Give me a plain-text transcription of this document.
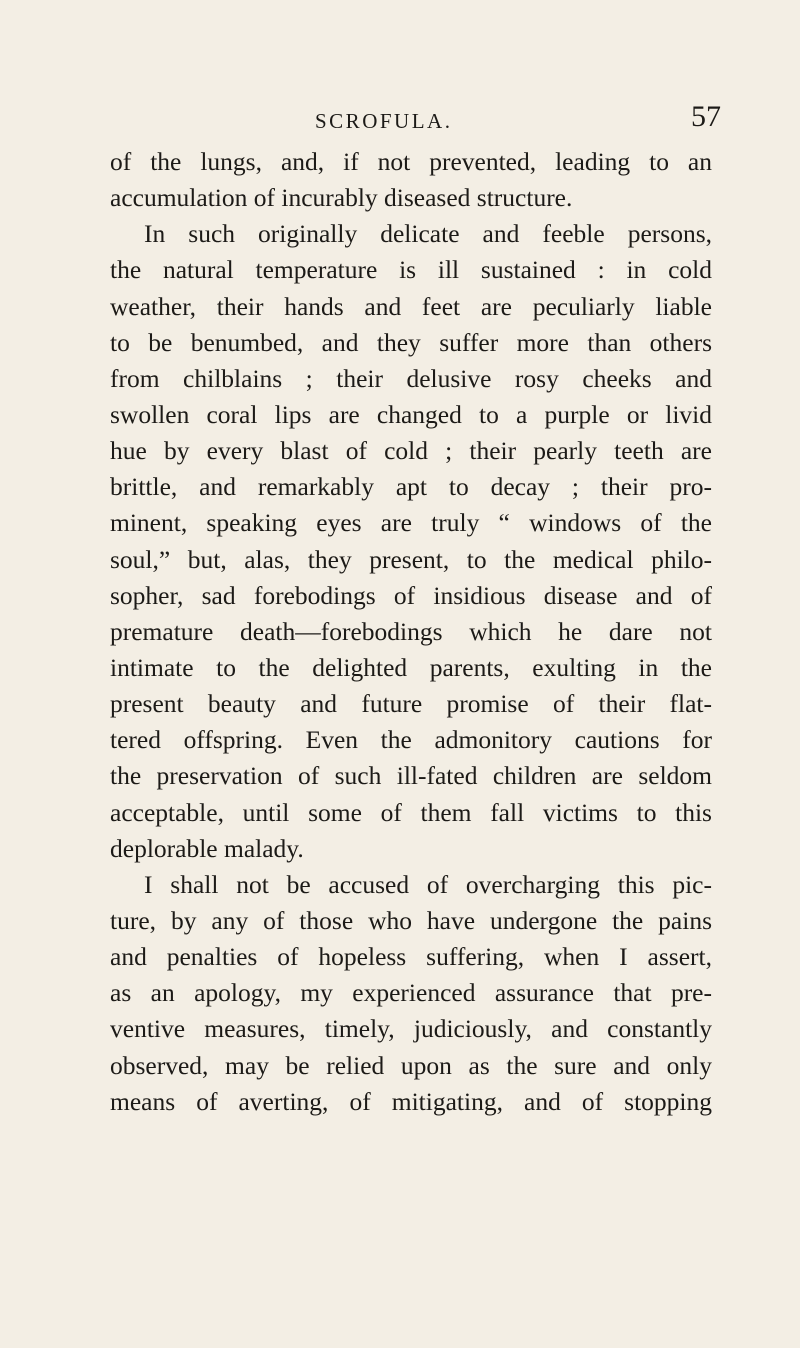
SCROFULA.	57
of the lungs, and, if not prevented, leading to an
accumulation of incurably diseased structure.
In such originally delicate and feeble persons,
the natural temperature is ill sustained : in cold
weather, their hands and feet are peculiarly liable
to be benumbed, and they suffer more than others
from chilblains ; their delusive rosy cheeks and
swollen coral lips are changed to a purple or livid
hue by every blast of cold ; their pearly teeth are
brittle, and remarkably apt to decay ; their pro-
minent, speaking eyes are truly “ windows of the
soul,” but, alas, they present, to the medical philo-
sopher, sad forebodings of insidious disease and of
premature death—forebodings which he dare not
intimate to the delighted parents, exulting in the
present beauty and future promise of their flat-
tered offspring. Even the admonitory cautions for
the preservation of such ill-fated children are seldom
acceptable, until some of them fall victims to this
deplorable malady.
I shall not be accused of overcharging this pic-
ture, by any of those who have undergone the pains
and penalties of hopeless suffering, when I assert,
as an apology, my experienced assurance that pre-
ventive measures, timely, judiciously, and constantly
observed, may be relied upon as the sure and only
means of averting, of mitigating, and of stopping
